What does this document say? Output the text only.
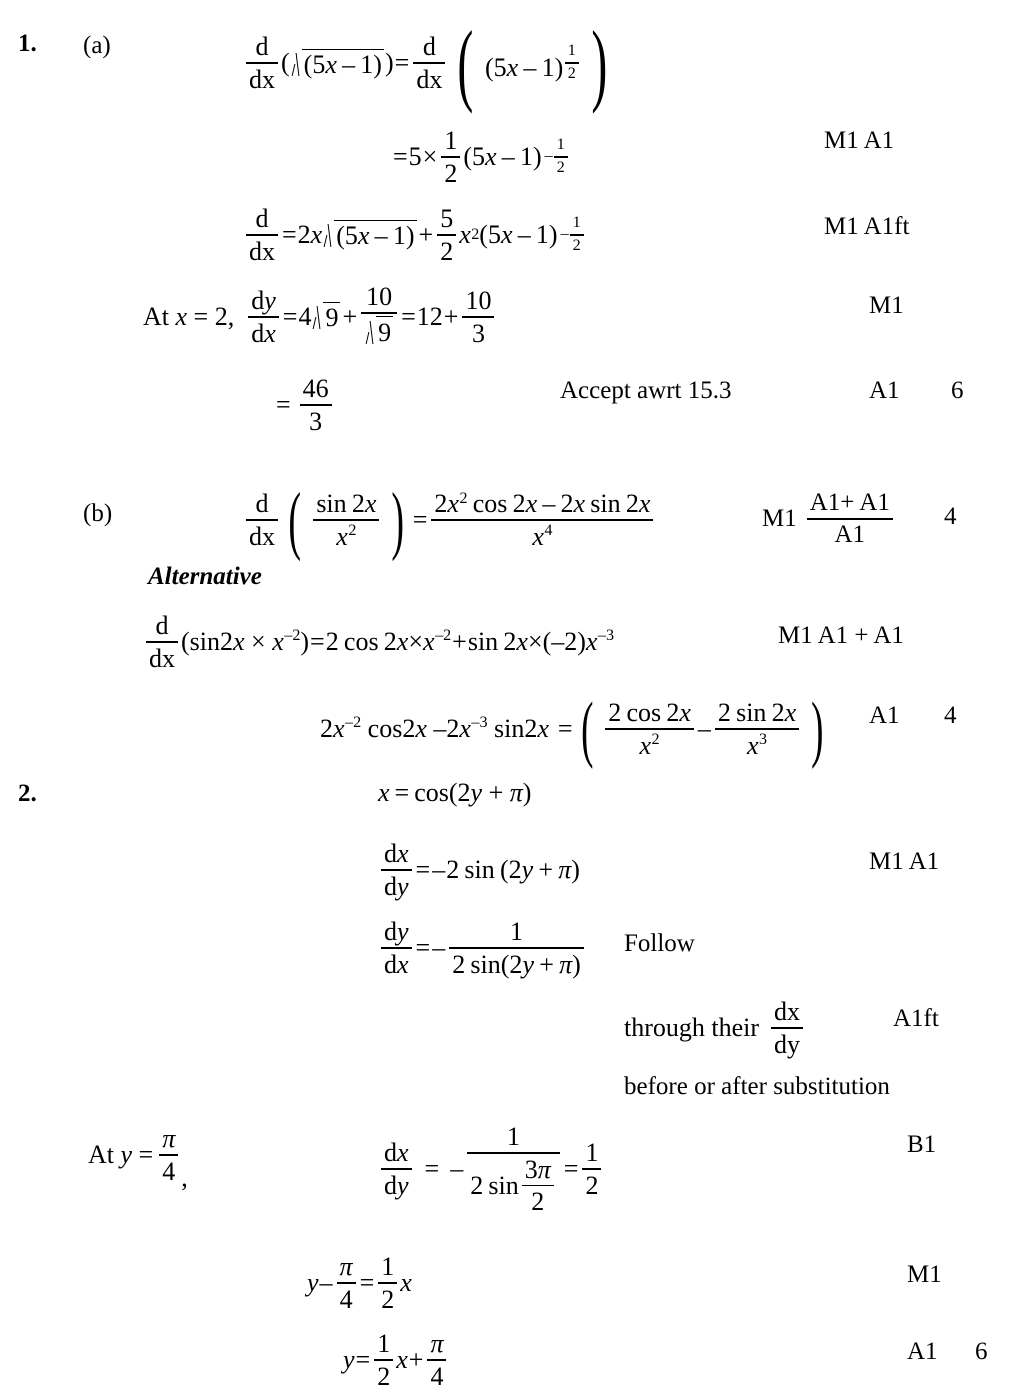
1. (a)	$\frac{d}{dx}$ ( (5x – 1) ) = $\frac{d}{dx}$ ( (5x – 1) $^{\frac{1}{2}}$ )
= $5 \times \frac{1}{2} (5x - 1) - \frac{1}{2}$	M1 A1
$\frac{d}{dx} = 2x$ $(5x - 1) + \frac{5}{2}$ x 2 $(5x - 1) - \frac{1}{2}$	M1 A1ft
At x = 2, $\frac{dy}{dx} = 4$ $9 + \frac{10}{9} = 12 + \frac{10}{3}$	M1
= $\frac{46}{3}$	Accept awrt 15.3	A1 6
(b)	$\frac{d}{dx}$ ( $\frac{\sin 2x}{x^2}$ ) = $\frac{2x^2 \cos 2x - 2x \sin 2x}{x^4}$	$M1 \frac{A1+ A1}{A1} 4$
Alternative
$\frac{d}{dx} (\sin 2x \times x^{-2}) = 2$ $\cos 2x\times x^{-2} + \sin 2x\times(-2)x^{-3}$	M1 A1 + A1
$2x^{-2}$ cos2x $-2x^{-3}$ sin2x = ( $\frac{2 \cos 2x}{x^2} - \frac{2 \sin 2x}{x^3}$ ) A1 4
2.	x = cos(2y + π)
$\frac{dx}{dy}$ = – 2 sin (2y + π)	M1 A1
$\frac{dy}{dx}$ = – $\frac{1}{2 \sin(2y + \pi)}$ Follow
through their $\frac{dx}{dy}$	A1ft
before or after substitution
At $y = \frac{\pi}{4}$ ,	$\frac{dx}{dy}$ = – $\frac{1}{2 \sin \frac{3\pi}{2}} = \frac{1}{2}$	B1
$y - \frac{\pi}{4} = \frac{1}{2}$ x	M1
$y = \frac{1}{2}$ $x + \frac{\pi}{4}$	A1 6
